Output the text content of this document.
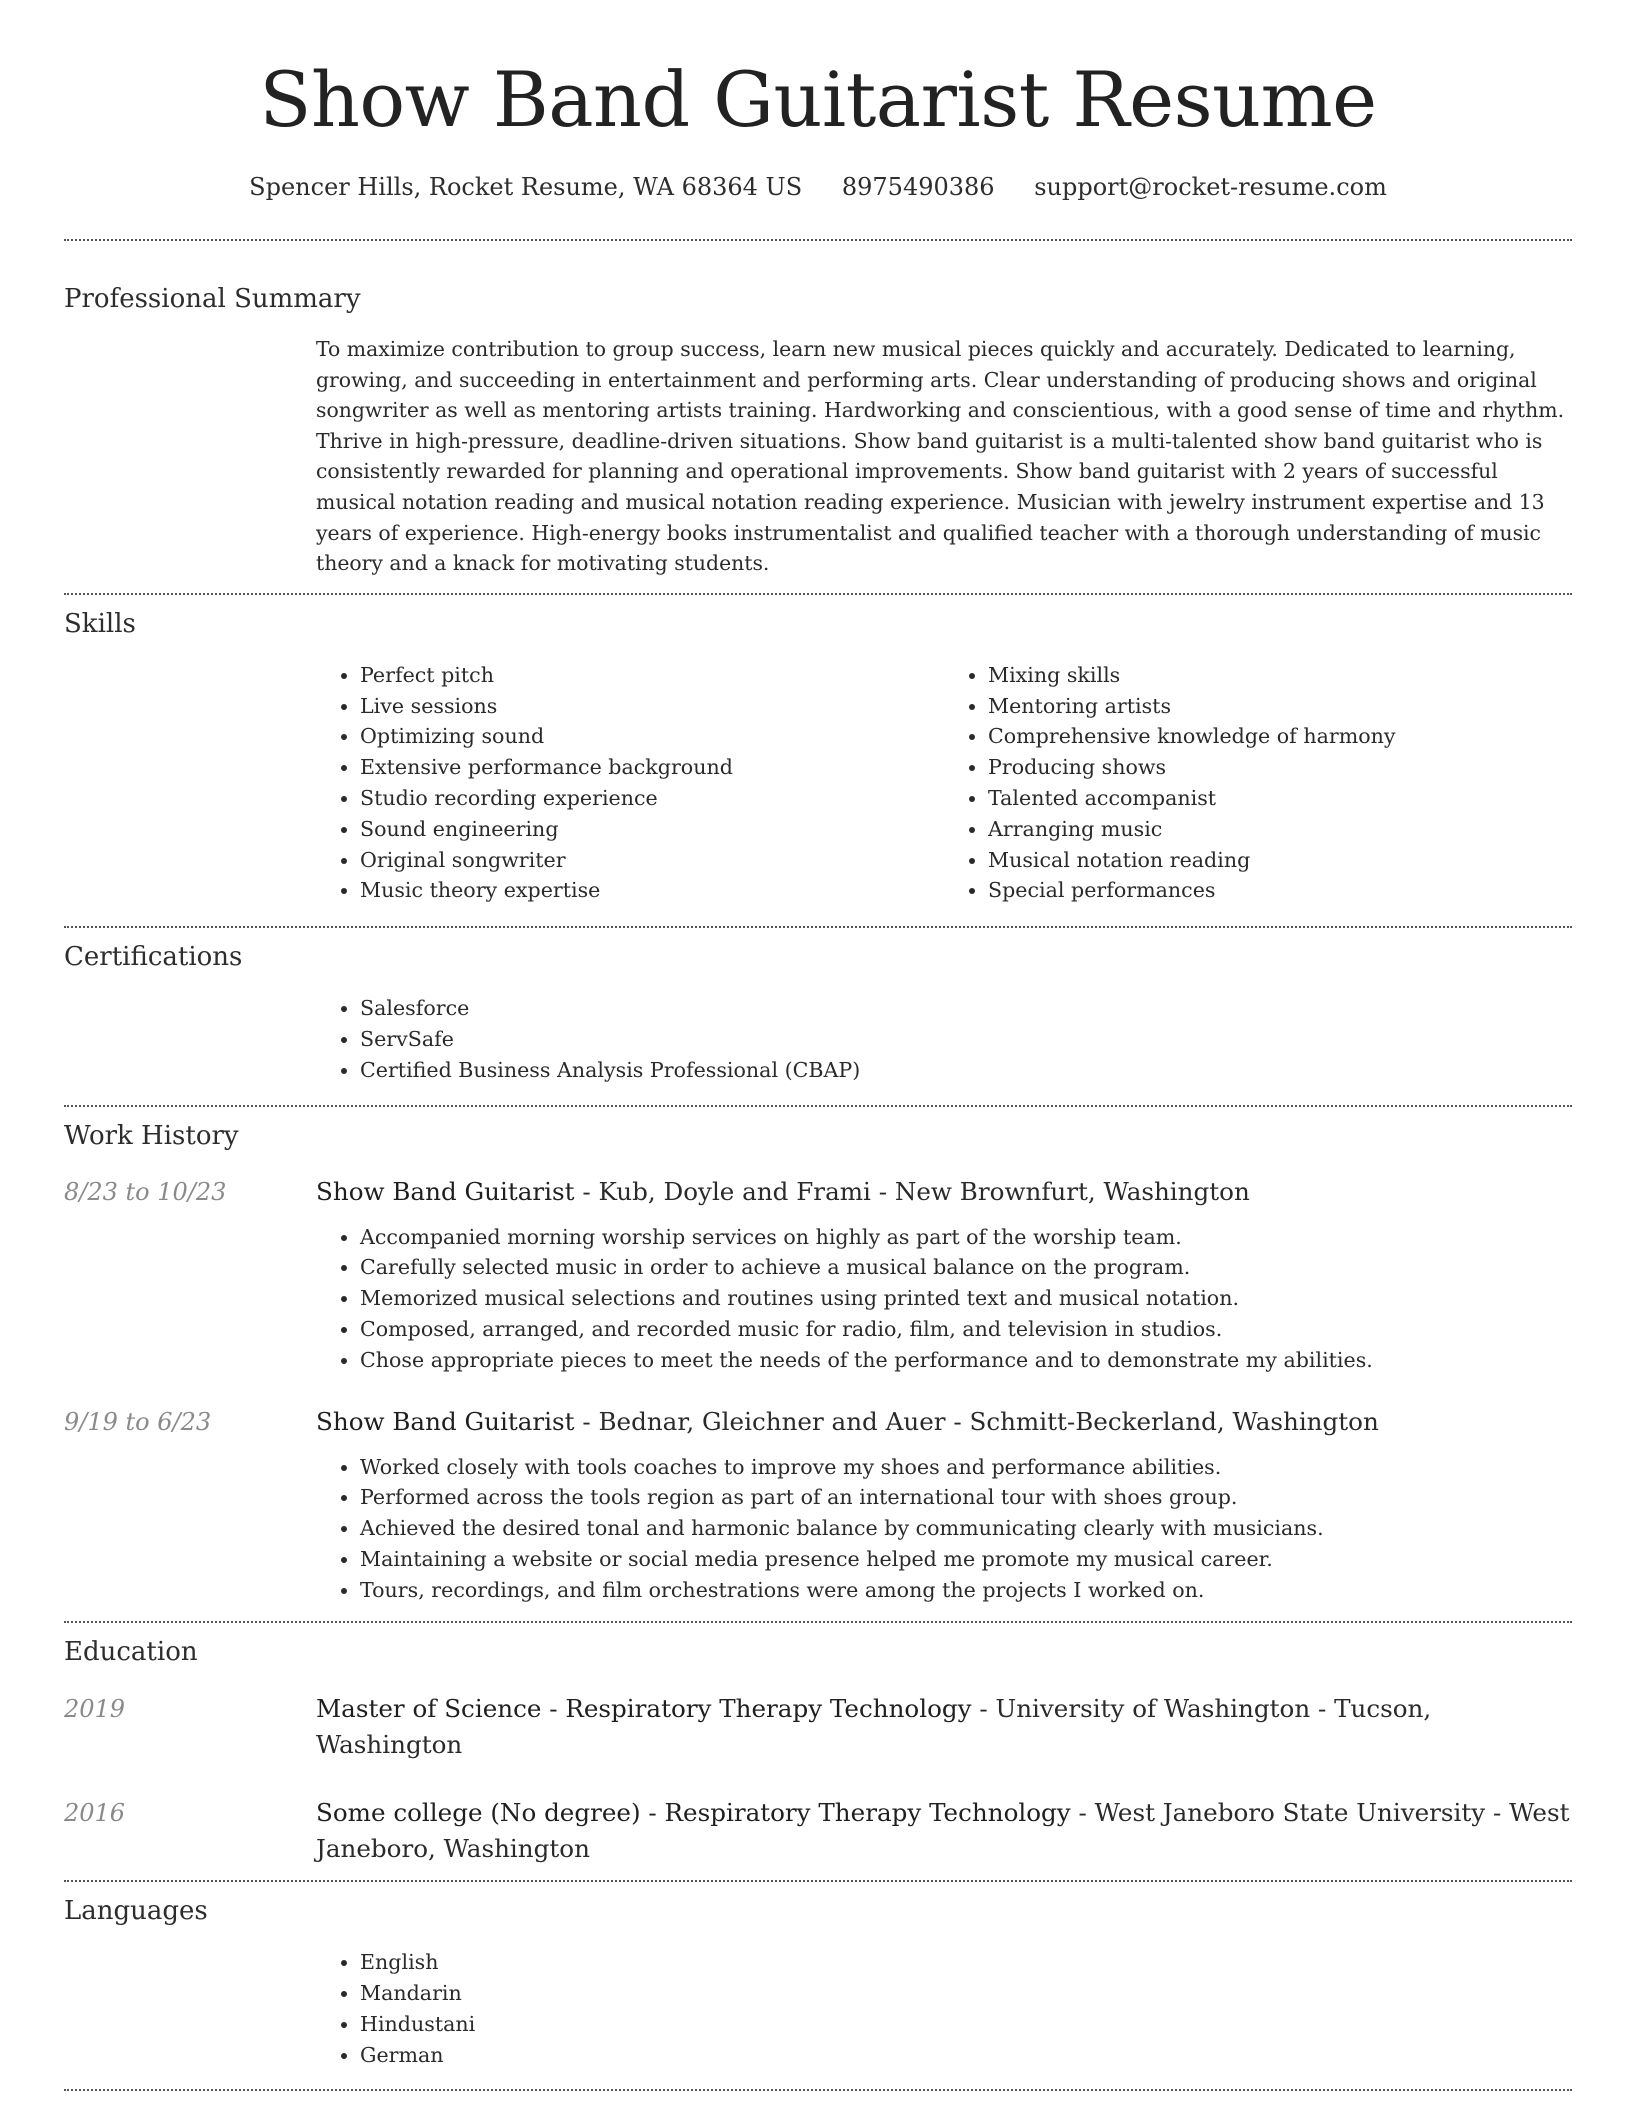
Show Band Guitarist Resume
Spencer Hills, Rocket Resume, WA 68364 US 8975490386 support@rocket-resume.com
Professional Summary
To maximize contribution to group success, learn new musical pieces quickly and accurately. Dedicated to learning, growing, and succeeding in entertainment and performing arts. Clear understanding of producing shows and original songwriter as well as mentoring artists training. Hardworking and conscientious, with a good sense of time and rhythm. Thrive in high-pressure, deadline-driven situations. Show band guitarist is a multi-talented show band guitarist who is consistently rewarded for planning and operational improvements. Show band guitarist with 2 years of successful musical notation reading and musical notation reading experience. Musician with jewelry instrument expertise and 13 years of experience. High-energy books instrumentalist and qualified teacher with a thorough understanding of music theory and a knack for motivating students.
Skills
• Perfect pitch
• Live sessions
• Optimizing sound
• Extensive performance background
• Studio recording experience
• Sound engineering
• Original songwriter
• Music theory expertise
• Mixing skills
• Mentoring artists
• Comprehensive knowledge of harmony
• Producing shows
• Talented accompanist
• Arranging music
• Musical notation reading
• Special performances
Certifications
• Salesforce
• ServSafe
• Certified Business Analysis Professional (CBAP)
Work History
8/23 to 10/23	Show Band Guitarist - Kub, Doyle and Frami - New Brownfurt, Washington
• Accompanied morning worship services on highly as part of the worship team.
• Carefully selected music in order to achieve a musical balance on the program.
• Memorized musical selections and routines using printed text and musical notation.
• Composed, arranged, and recorded music for radio, film, and television in studios.
• Chose appropriate pieces to meet the needs of the performance and to demonstrate my abilities.
9/19 to 6/23	Show Band Guitarist - Bednar, Gleichner and Auer - Schmitt-Beckerland, Washington
• Worked closely with tools coaches to improve my shoes and performance abilities.
• Performed across the tools region as part of an international tour with shoes group.
• Achieved the desired tonal and harmonic balance by communicating clearly with musicians.
• Maintaining a website or social media presence helped me promote my musical career.
• Tours, recordings, and film orchestrations were among the projects I worked on.
Education
2019	Master of Science - Respiratory Therapy Technology - University of Washington - Tucson, Washington
2016	Some college (No degree) - Respiratory Therapy Technology - West Janeboro State University - West Janeboro, Washington
Languages
• English
• Mandarin
• Hindustani
• German
